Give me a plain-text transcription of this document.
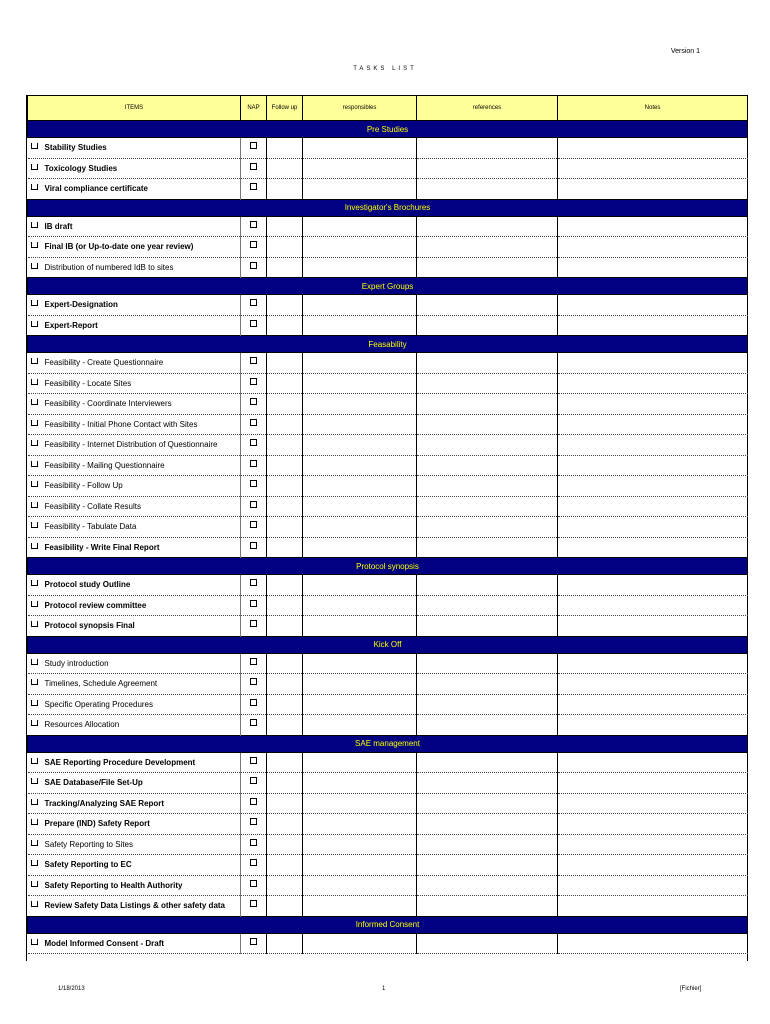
Version 1
TASKS LIST
ITEMS	NAP	Follow up	responsibles	references	Notes
Pre Studies					

Stability Studies					

Toxicology Studies					

Viral compliance certificate					

Investigator's Brochures					

IB draft					

Final IB (or Up-to-date one year review)					

Distribution of numbered IdB to sites					

Expert Groups					

Expert-Designation					

Expert-Report					

Feasability					

Feasibility - Create Questionnaire					

Feasibility - Locate Sites					

Feasibility - Coordinate Interviewers					

Feasibility - Initial Phone Contact with Sites					

Feasibility - Internet Distribution of Questionnaire					

Feasibility - Mailing Questionnaire					

Feasibility - Follow Up					

Feasibility - Collate Results					

Feasibility - Tabulate Data					

Feasibility - Write Final Report					

Protocol synopsis					

Protocol study Outline					

Protocol review committee					

Protocol synopsis Final					

Kick Off					

Study introduction					

Timelines, Schedule Agreement					

Specific Operating Procedures					

Resources Allocation					

SAE management					

SAE Reporting Procedure Development					

SAE Database/File Set-Up					

Tracking/Analyzing SAE Report					

Prepare (IND) Safety Report					

Safety Reporting to Sites					

Safety Reporting to EC					

Safety Reporting to Health Authority					

Review Safety Data Listings & other safety data					

Informed Consent					

Model Informed Consent - Draft					

1/18/2013	1	[Fichier]
